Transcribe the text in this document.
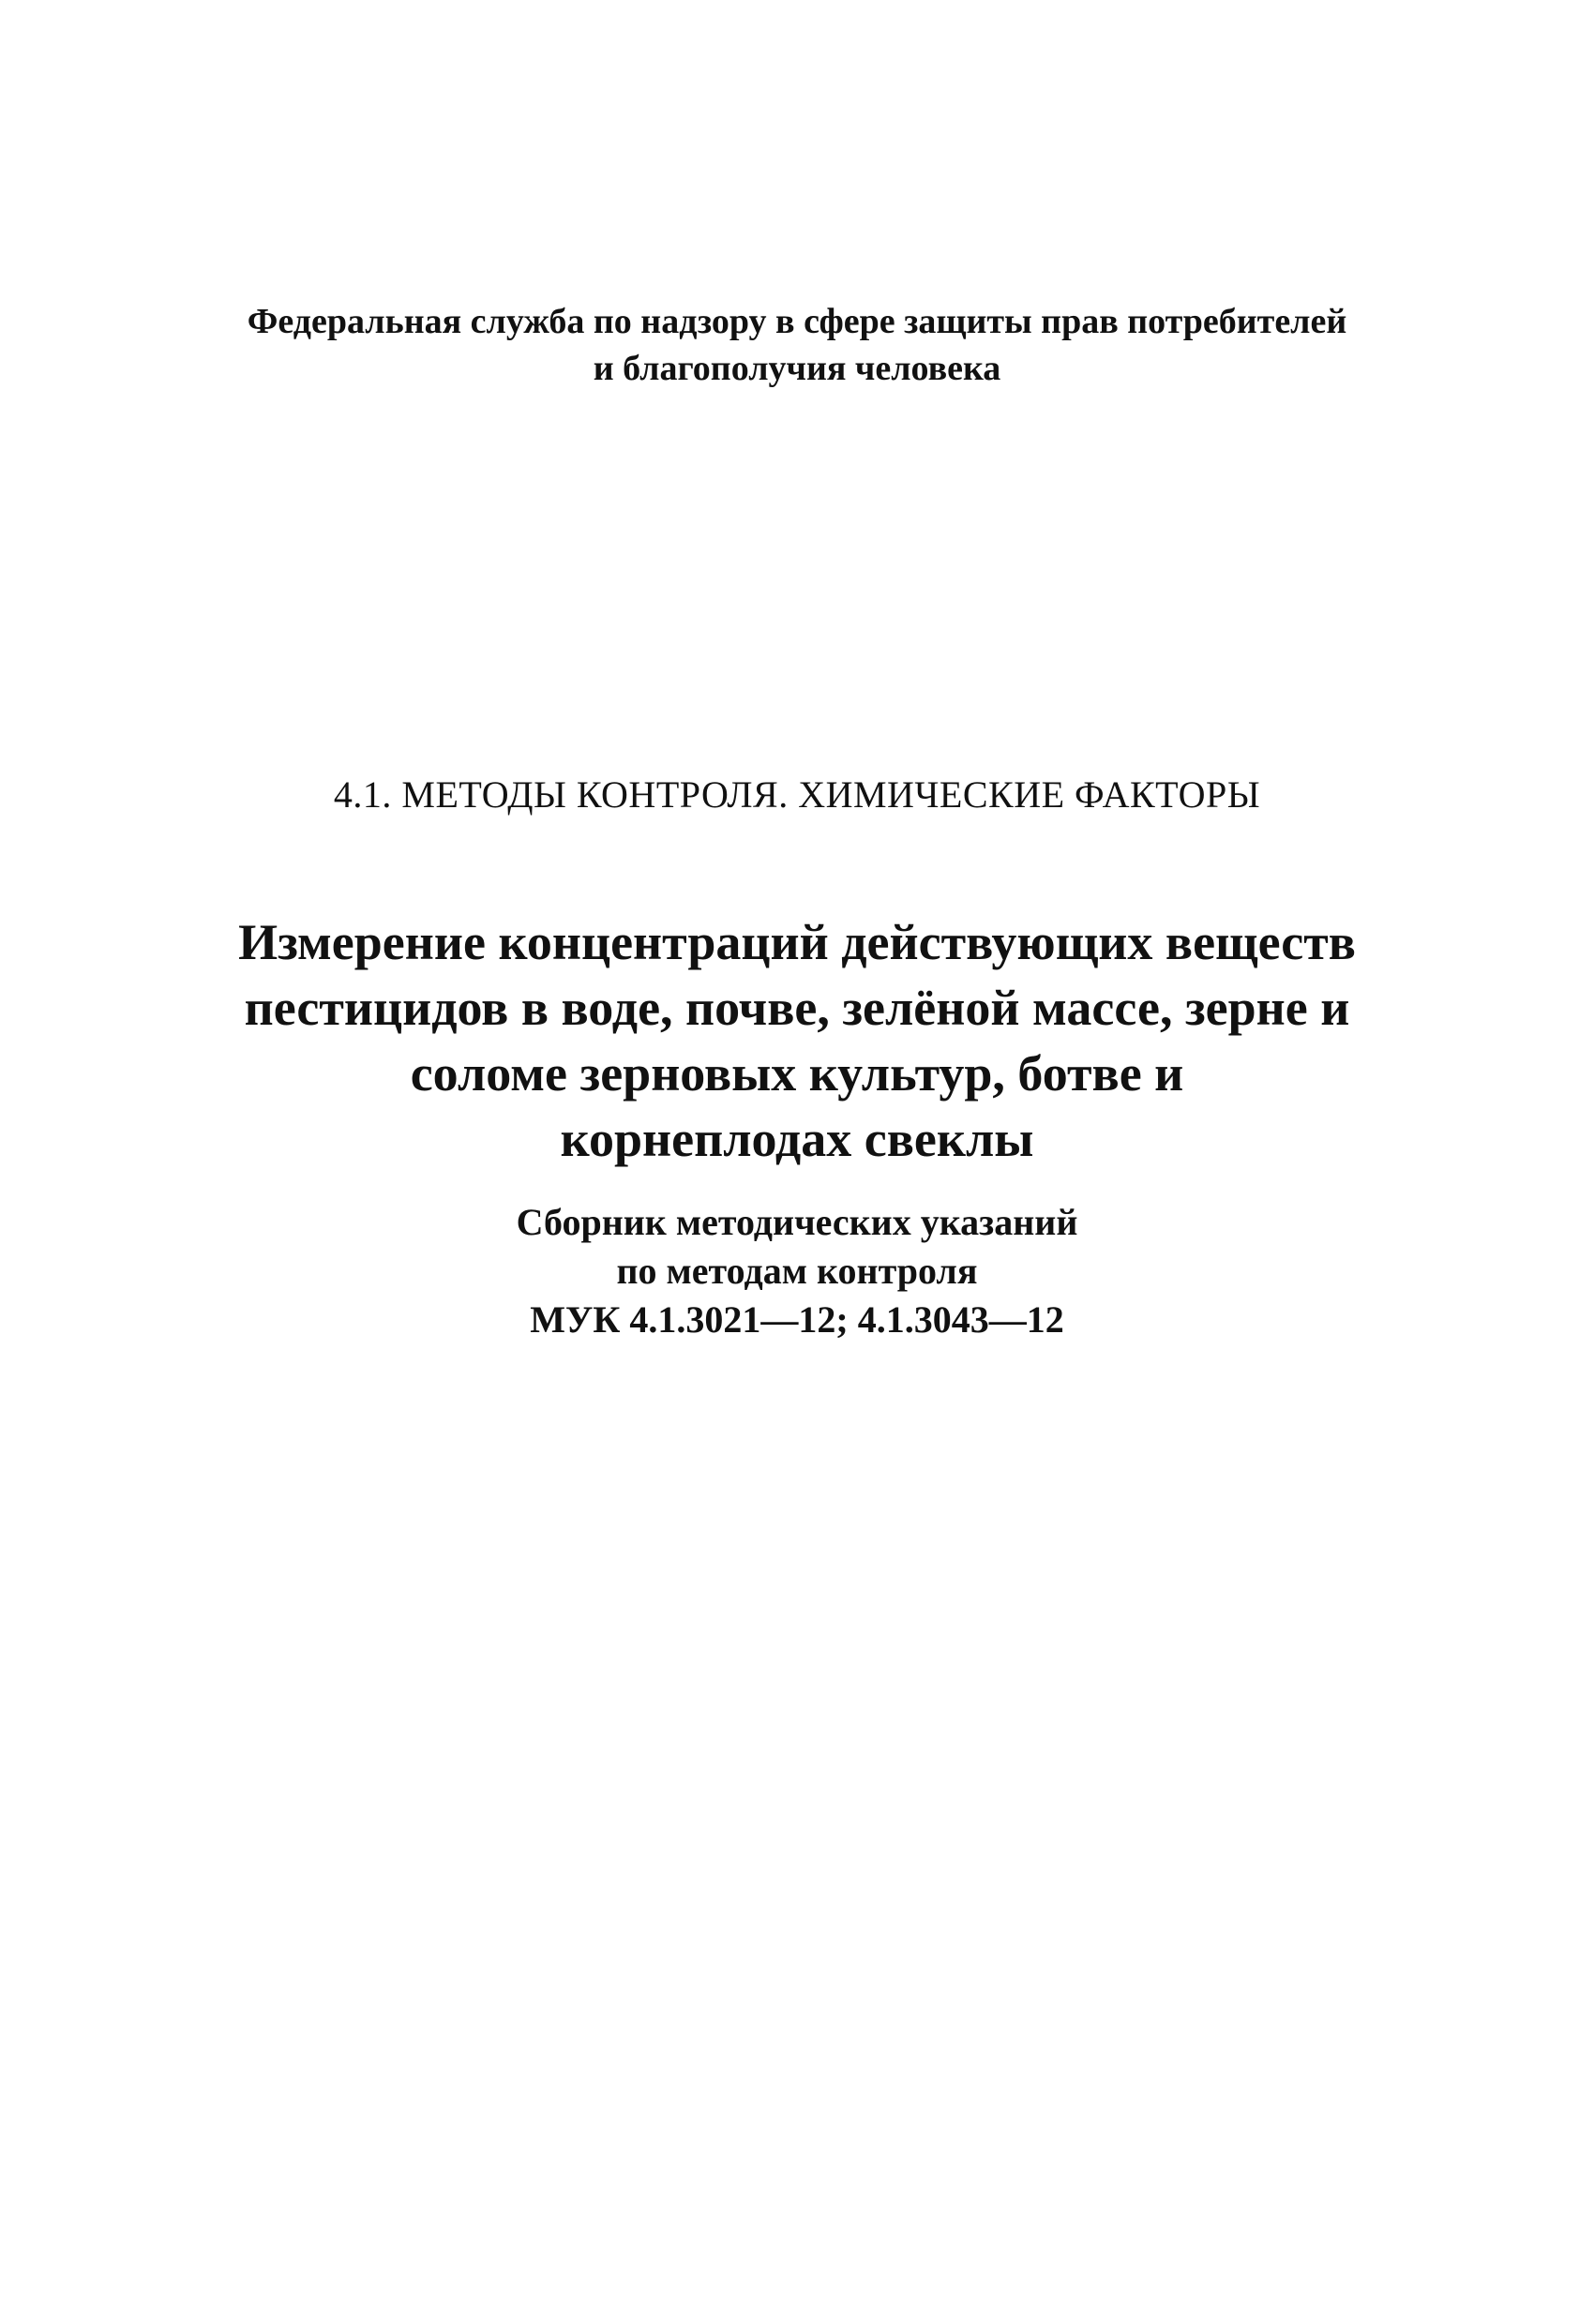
Федеральная служба по надзору в сфере защиты прав потребителей
и благополучия человека
4.1. МЕТОДЫ КОНТРОЛЯ. ХИМИЧЕСКИЕ ФАКТОРЫ
Измерение концентраций действующих веществ
пестицидов в воде, почве, зелёной массе, зерне и
соломе зерновых культур, ботве и
корнеплодах свеклы
Сборник методических указаний
по методам контроля
МУК 4.1.3021—12; 4.1.3043—12
